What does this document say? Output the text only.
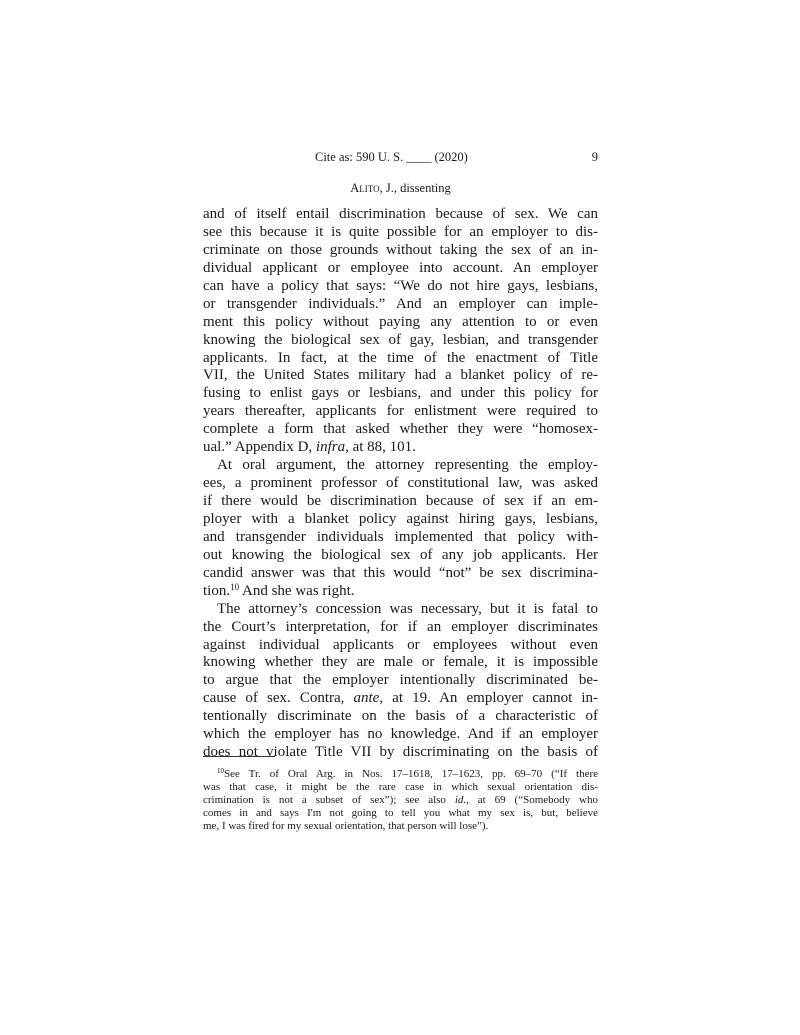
Cite as: 590 U. S. ____ (2020)	9
Alito, J., dissenting
and of itself entail discrimination because of sex. We can
see this because it is quite possible for an employer to dis-
criminate on those grounds without taking the sex of an in-
dividual applicant or employee into account. An employer
can have a policy that says: “We do not hire gays, lesbians,
or transgender individuals.” And an employer can imple-
ment this policy without paying any attention to or even
knowing the biological sex of gay, lesbian, and transgender
applicants. In fact, at the time of the enactment of Title
VII, the United States military had a blanket policy of re-
fusing to enlist gays or lesbians, and under this policy for
years thereafter, applicants for enlistment were required to
complete a form that asked whether they were “homosex-
ual.” Appendix D, infra, at 88, 101.
At oral argument, the attorney representing the employ-
ees, a prominent professor of constitutional law, was asked
if there would be discrimination because of sex if an em-
ployer with a blanket policy against hiring gays, lesbians,
and transgender individuals implemented that policy with-
out knowing the biological sex of any job applicants. Her
candid answer was that this would “not” be sex discrimina-
tion.$^{10}$ And she was right.
The attorney’s concession was necessary, but it is fatal to
the Court’s interpretation, for if an employer discriminates
against individual applicants or employees without even
knowing whether they are male or female, it is impossible
to argue that the employer intentionally discriminated be-
cause of sex. Contra, ante, at 19. An employer cannot in-
tentionally discriminate on the basis of a characteristic of
which the employer has no knowledge. And if an employer
does not violate Title VII by discriminating on the basis of
$^{10}$See Tr. of Oral Arg. in Nos. 17–1618, 17–1623, pp. 69–70 (“If there
was that case, it might be the rare case in which sexual orientation dis-
crimination is not a subset of sex”); see also id., at 69 (“Somebody who
comes in and says I'm not going to tell you what my sex is, but, believe
me, I was fired for my sexual orientation, that person will lose”).
